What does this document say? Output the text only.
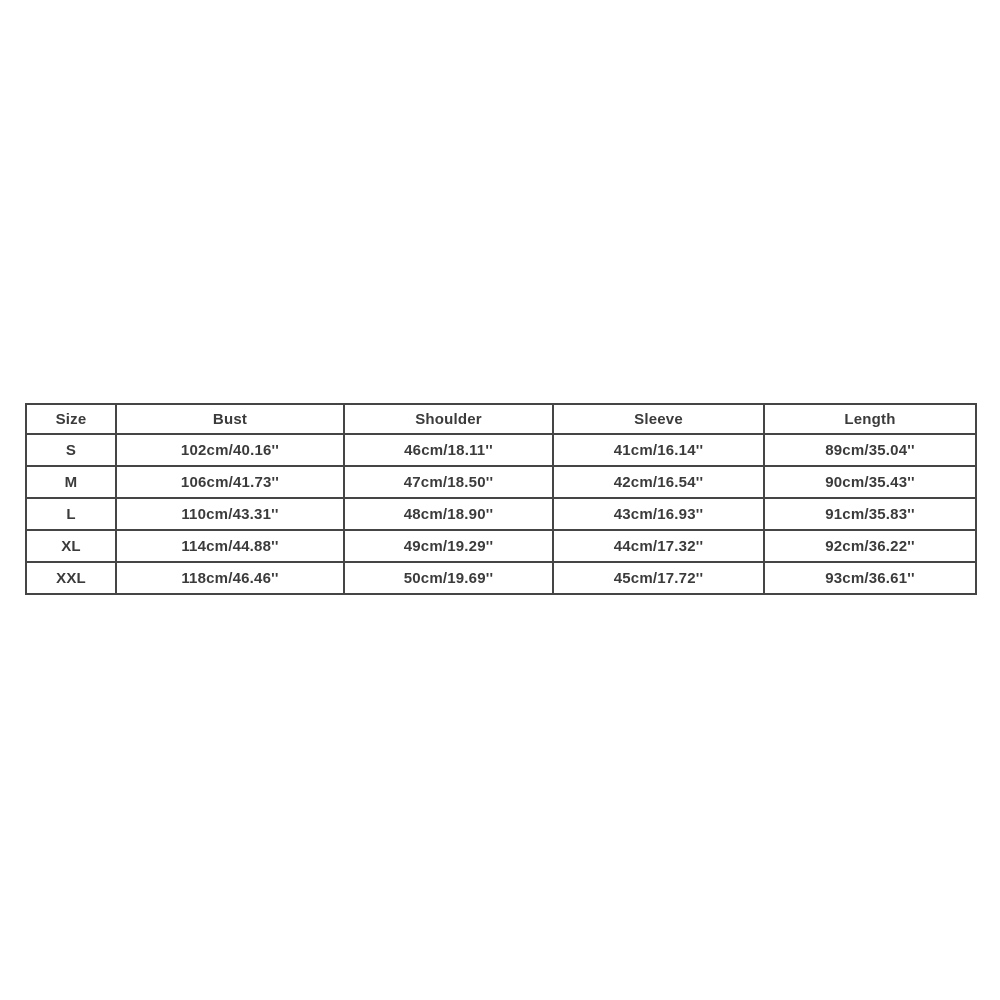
Size	Bust	Shoulder	Sleeve	Length
S	102cm/40.16''	46cm/18.11''	41cm/16.14''	89cm/35.04''
M	106cm/41.73''	47cm/18.50''	42cm/16.54''	90cm/35.43''
L	110cm/43.31''	48cm/18.90''	43cm/16.93''	91cm/35.83''
XL	114cm/44.88''	49cm/19.29''	44cm/17.32''	92cm/36.22''
XXL	118cm/46.46''	50cm/19.69''	45cm/17.72''	93cm/36.61''
